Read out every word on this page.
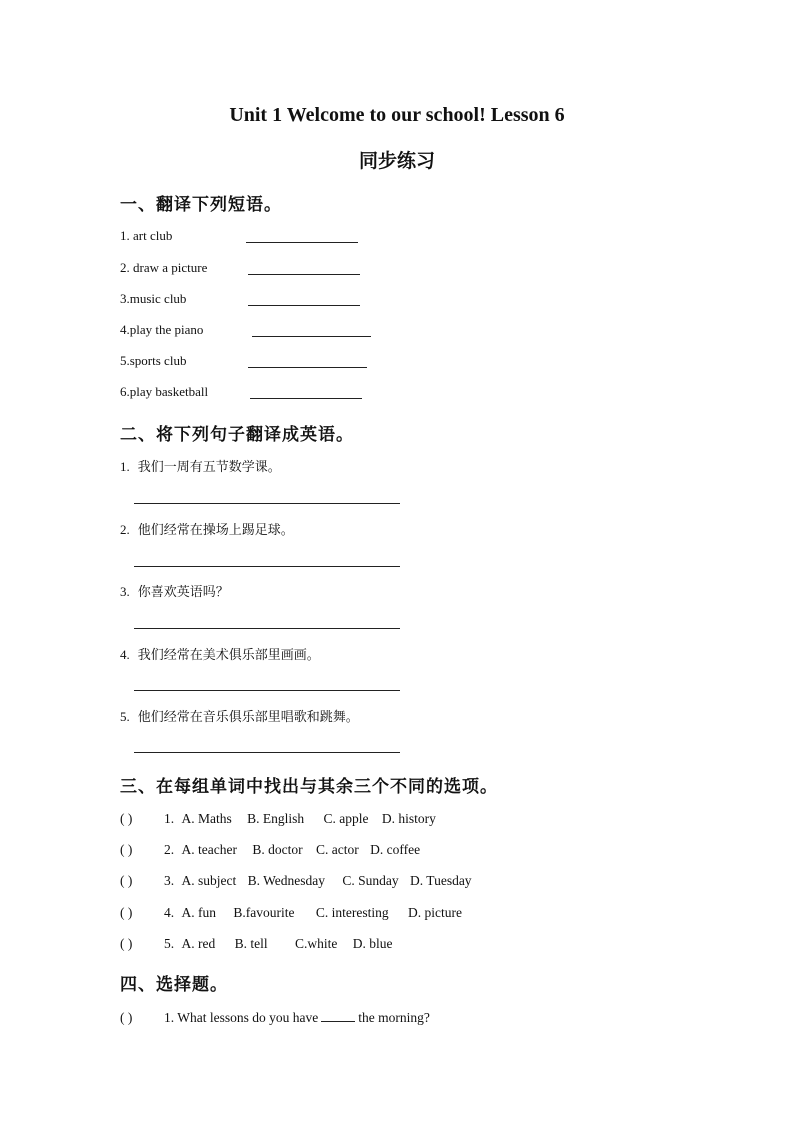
Unit 1 Welcome to our school! Lesson 6
同步练习
一、翻译下列短语。
1. art club
2. draw a picture
3.music club
4.play the piano
5.sports club
6.play basketball
二、将下列句子翻译成英语。
1. 我们一周有五节数学课。
2. 他们经常在操场上踢足球。
3. 你喜欢英语吗？
4. 我们经常在美术俱乐部里画画。
5. 他们经常在音乐俱乐部里唱歌和跳舞。
三、在每组单词中找出与其余三个不同的选项。
( ) 1. A. Maths B. English C. apple D. history
( ) 2. A. teacher B. doctor C. actor D. coffee
( ) 3. A. subject B. Wednesday C. Sunday D. Tuesday
( ) 4. A. fun B.favourite C. interesting D. picture
( ) 5. A. red B. tell C.white D. blue
四、选择题。
( ) 1. What lessons do you have	the morning?
